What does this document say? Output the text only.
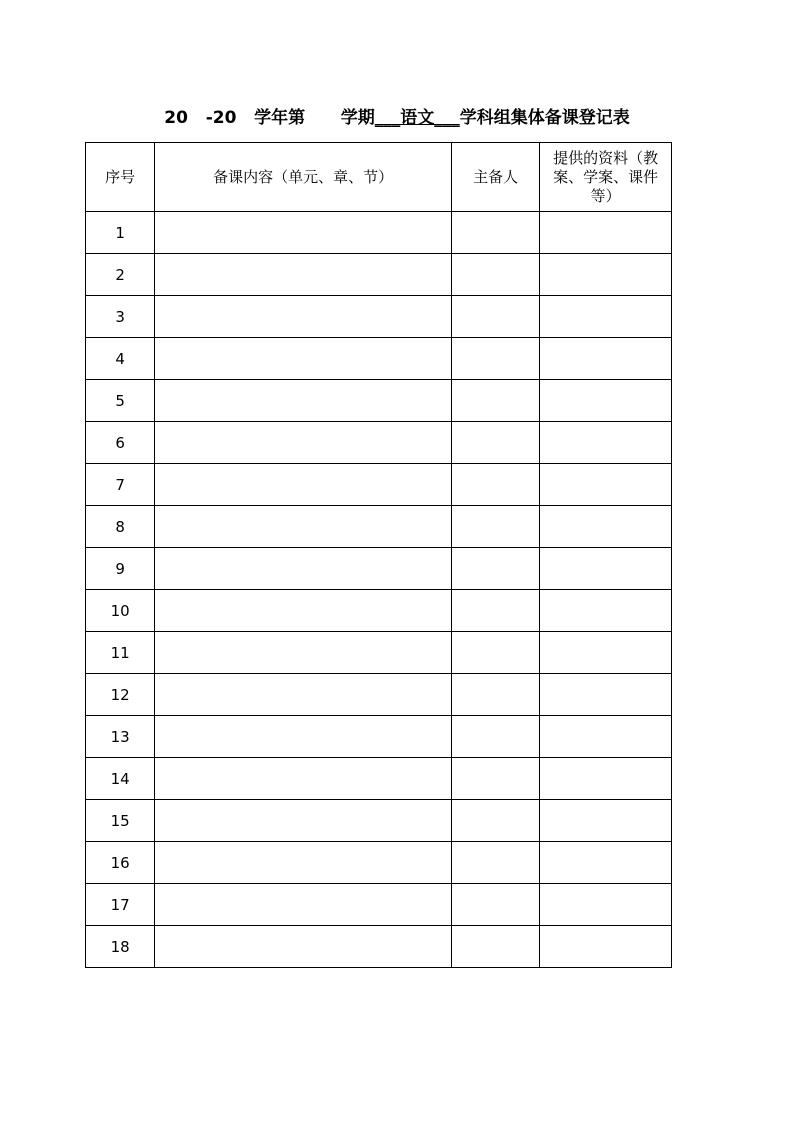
20   -20   学年第      学期___语文___学科组集体备课登记表
序号	备课内容（单元、章、节）	主备人	提供的资料（教案、学案、课件等）
1			
2			
3			
4			
5			
6			
7			
8			
9			
10			
11			
12			
13			
14			
15			
16			
17			
18			
